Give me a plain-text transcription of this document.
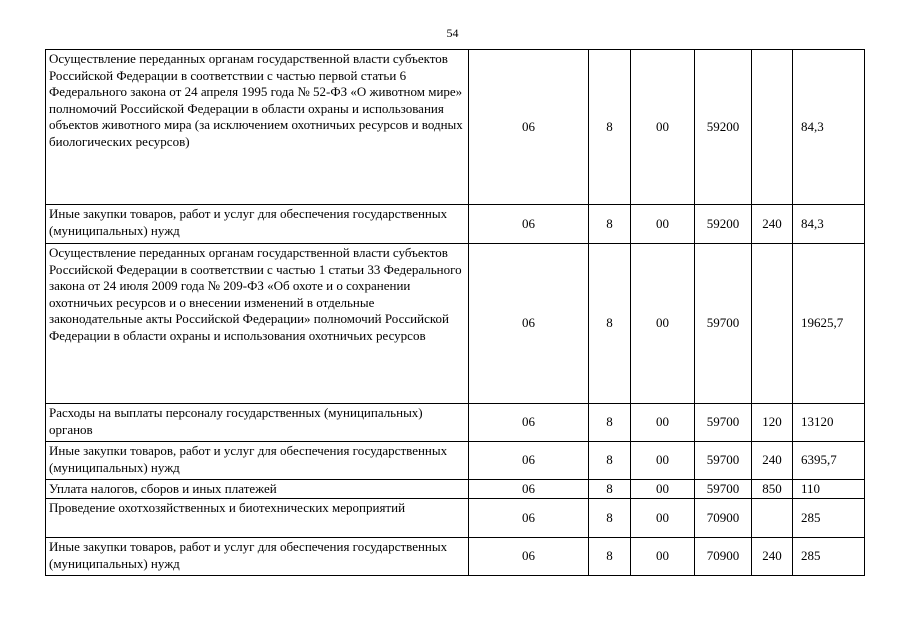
54
Осуществление переданных органам государственной власти субъектов Российской Федерации в соответствии с частью первой статьи 6 Федерального закона от 24 апреля 1995 года № 52-ФЗ «О животном мире» полномочий Российской Федерации в области охраны и использования объектов животного мира (за исключением охотничьих ресурсов и водных биологических ресурсов)	06	8	00	59200		84,3
Иные закупки товаров, работ и услуг для обеспечения государственных (муниципальных) нужд	06	8	00	59200	240	84,3
Осуществление переданных органам государственной власти субъектов Российской Федерации в соответствии с частью 1 статьи 33 Федерального закона от 24 июля 2009 года № 209-ФЗ «Об охоте и о сохранении охотничьих ресурсов и о внесении изменений в отдельные законодательные акты Российской Федерации» полномочий Российской Федерации в области охраны и использования охотничьих ресурсов	06	8	00	59700		19625,7
Расходы на выплаты персоналу государственных (муниципальных) органов	06	8	00	59700	120	13120
Иные закупки товаров, работ и услуг для обеспечения государственных (муниципальных) нужд	06	8	00	59700	240	6395,7
Уплата налогов, сборов и иных платежей	06	8	00	59700	850	110
Проведение охотхозяйственных и биотехнических мероприятий	06	8	00	70900		285
Иные закупки товаров, работ и услуг для обеспечения государственных (муниципальных) нужд	06	8	00	70900	240	285
